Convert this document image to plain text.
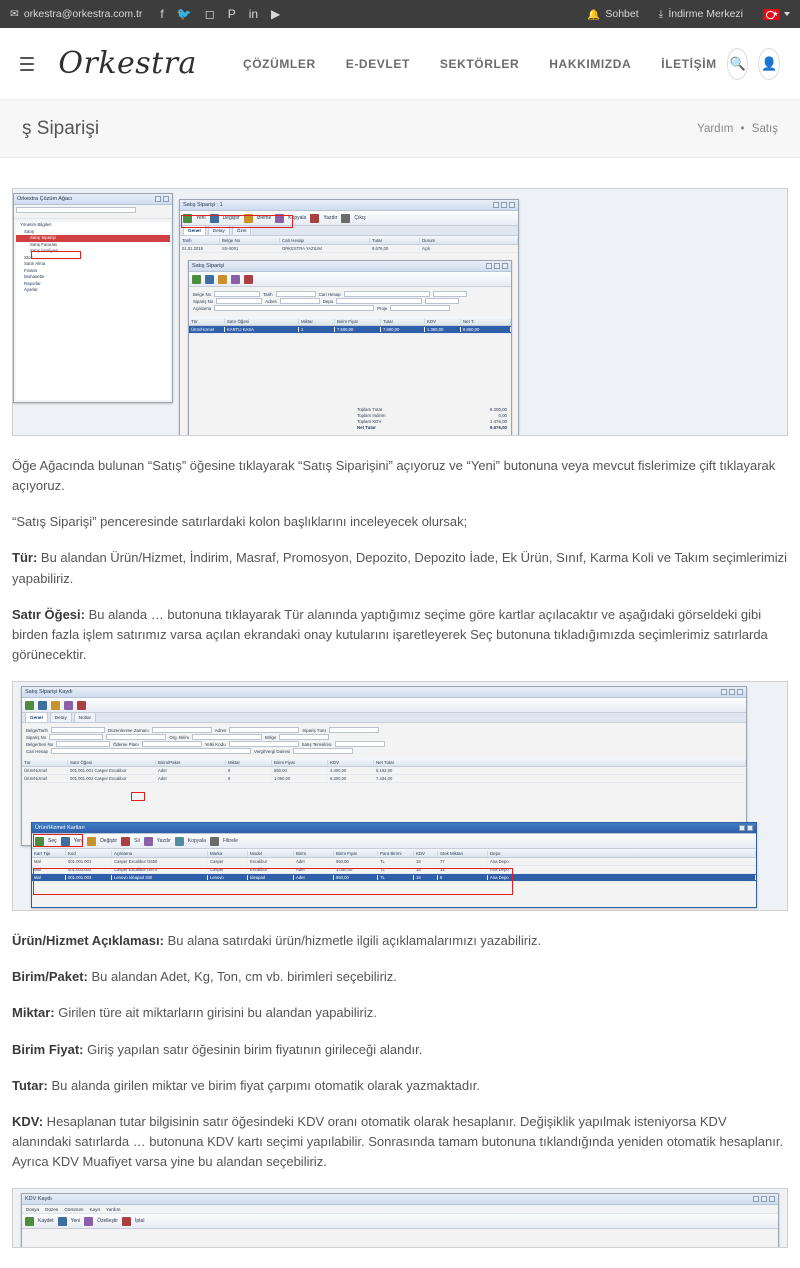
✉ orkestra@orkestra.com.tr f 🐦 ◻ P in ▶	🔔 Sohbet ⤓ İndirme Merkezi
★
Orkestra	ÇÖZÜMLER	E-DEVLET	SEKTÖRLER	HAKKIMIZDA	İLETİŞİM 🔍 👤
ş Siparişi	Yardım • Satış
Orkestra Çözüm Ağacı
Yönetim Bilgileri
Satış
Satış Siparişi
Satış Faturası
Satış İrsaliyesi
Stok
Satın Alma
Finans
Muhasebe
Raporlar
Ayarlar
Satış Siparişi : 1
Yeni	Değiştir	İzleme	Kopyala	Yazdır	Çıkış
Genel	Detay	Özet
Tarih	Belge No	Cari Hesap	Tutar	Durum
01.01.2019	SS-0001	ORKESTRA YAZILIM	9.676,00	Açık
Satış Siparişi
Belge No	Tarih	Cari Hesap
Sipariş No	Adres	Depo
Açıklama	Proje
Tür	Satır Öğesi	Miktar	Birim Fiyat	Tutar	KDV	Net T.
Ürün/Hizmet	KARTLI KASA	1	7.500,00	7.500,00	1.350,00	8.850,00
Toplam Tutar	8.200,00
Toplam İndirim	0,00
Toplam KDV	1.476,00
Net Tutar	9.676,00

Öğe Ağacında bulunan “Satış” öğesine tıklayarak “Satış Siparişini” açıyoruz ve “Yeni” butonuna veya mevcut fislerimize çift tıklayarak açıyoruz.

“Satış Siparişi” penceresinde satırlardaki kolon başlıklarını inceleyecek olursak;

Tür: Bu alandan Ürün/Hizmet, İndirim, Masraf, Promosyon, Depozito, Depozito İade, Ek Ürün, Sınıf, Karma Koli ve Takım seçimlerimizi yapabiliriz.

Satır Öğesi: Bu alanda … butonuna tıklayarak Tür alanında yaptığımız seçime göre kartlar açılacaktır ve aşağıdaki görseldeki gibi birden fazla işlem satırımız varsa açılan ekrandaki onay kutularını işaretleyerek Seç butonuna tıkladığımızda seçimlerimiz satırlarda görünecektir.

Satış Siparişi Kaydı
Genel	Detay	Notlar
Belge/Tarih	Düzenlenme Zamanı	Adres	Sipariş Türü
Sipariş No	Org. Birim	Bölge
Belge/Seri No	Ödeme Planı	Yetki Kodu	Satış Temsilcisi
Cari Hesap	Vergi/Vergi Dairesi
Tür	Satır Öğesi	Birim/Paket	Miktar	Birim Fiyat	KDV	Net Tutar
Ürün/Hizmet	001.001.001 Casper Excalibur	Adet	8	550,00	4.400,00	5.192,00
Ürün/Hizmet	001.001.002 Casper Excalibur	Adet	6	1.050,00	6.300,00	7.434,00
Ürün/Hizmet Kartları
Seç	Yeni	Değiştir	Sil	Yazdır	Kopyala	Filtrele
Kart Tipi	Kod	Açıklama	Marka	Model	Birim	Birim Fiyat	Para Birimi	KDV	Stok Miktarı	Depo
Mal	001.001.001	Casper Excalibur G650	Casper	Excalibur	Adet	550,00	TL	18	77	Ana Depo
Mal	001.001.002	Casper Excalibur G670	Casper	Excalibur	Adet	1.050,00	TL	18	12	Ana Depo
Mal	001.001.003	Lenovo Ideapad 330	Lenovo	Ideapad	Adet	850,00	TL	18	8	Ana Depo

Ürün/Hizmet Açıklaması: Bu alana satırdaki ürün/hizmetle ilgili açıklamalarımızı yazabiliriz.

Birim/Paket: Bu alandan Adet, Kg, Ton, cm vb. birimleri seçebiliriz.

Miktar: Girilen türe ait miktarların girisini bu alandan yapabiliriz.

Birim Fiyat: Giriş yapılan satır öğesinin birim fiyatının girileceği alandır.

Tutar: Bu alanda girilen miktar ve birim fiyat çarpımı otomatik olarak yazmaktadır.

KDV: Hesaplanan tutar bilgisinin satır öğesindeki KDV oranı otomatik olarak hesaplanır. Değişiklik yapılmak isteniyorsa KDV alanındaki satırlarda … butonuna KDV kartı seçimi yapılabilir. Sonrasında tamam butonuna tıklandığında yeniden otomatik hesaplanır. Ayrıca KDV Muafiyet varsa yine bu alandan seçebiliriz.

KDV Kaydı
Dosya Düzen Görünüm Kayıt Yardım
Kaydet	Yeni	Özelleştir	İptal
